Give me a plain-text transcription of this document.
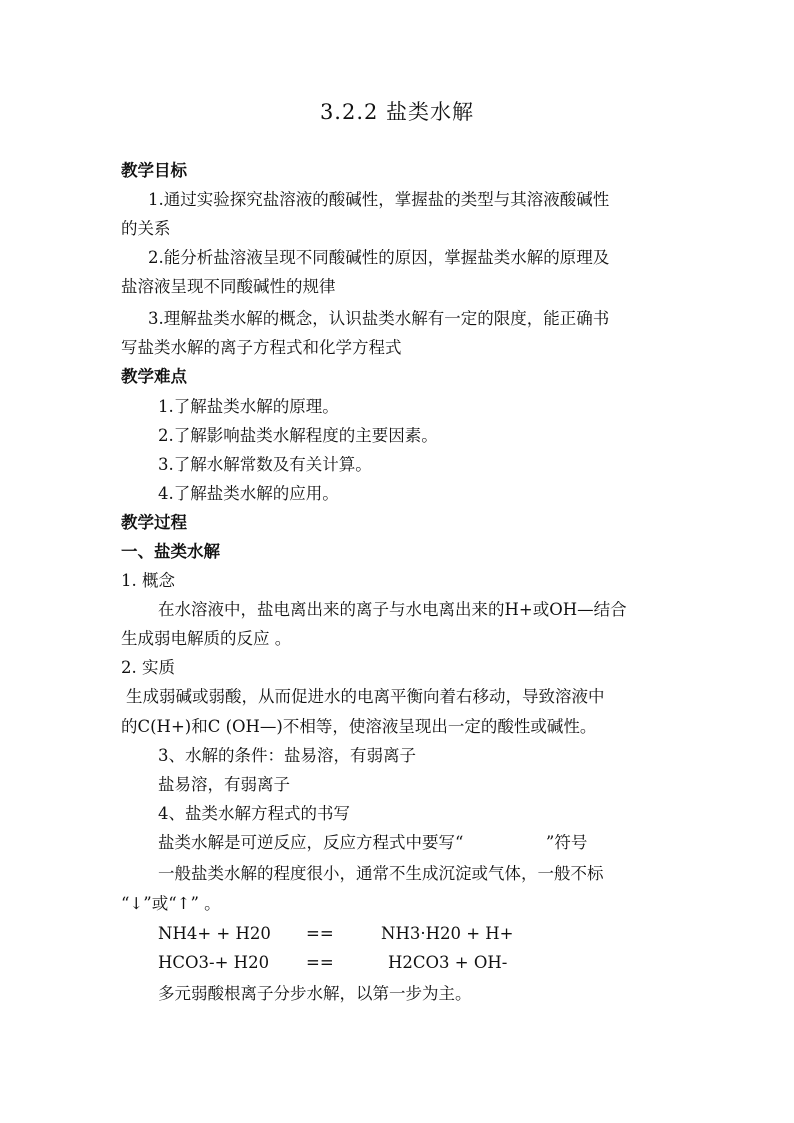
3.2.2 盐类水解
教学目标
1.通过实验探究盐溶液的酸碱性，掌握盐的类型与其溶液酸碱性
的关系
2.能分析盐溶液呈现不同酸碱性的原因，掌握盐类水解的原理及
盐溶液呈现不同酸碱性的规律
3.理解盐类水解的概念，认识盐类水解有一定的限度，能正确书
写盐类水解的离子方程式和化学方程式
教学难点
1.了解盐类水解的原理。
2.了解影响盐类水解程度的主要因素。
3.了解水解常数及有关计算。
4.了解盐类水解的应用。
教学过程
一、盐类水解
1. 概念
在水溶液中，盐电离出来的离子与水电离出来的H+或OH—结合
生成弱电解质的反应 。
2. 实质
生成弱碱或弱酸，从而促进水的电离平衡向着右移动，导致溶液中
的C(H+)和C (OH—)不相等，使溶液呈现出一定的酸性或碱性。
3、水解的条件：盐易溶，有弱离子
盐易溶，有弱离子
4、盐类水解方程式的书写
盐类水解是可逆反应，反应方程式中要写“　　　　　”符号
一般盐类水解的程度很小，通常不生成沉淀或气体，一般不标
“↓”或“↑” 。
NH4+ + H20 ==	NH3·H20 + H+
HCO3-+ H20 ==	H2CO3 + OH-
多元弱酸根离子分步水解，以第一步为主。
